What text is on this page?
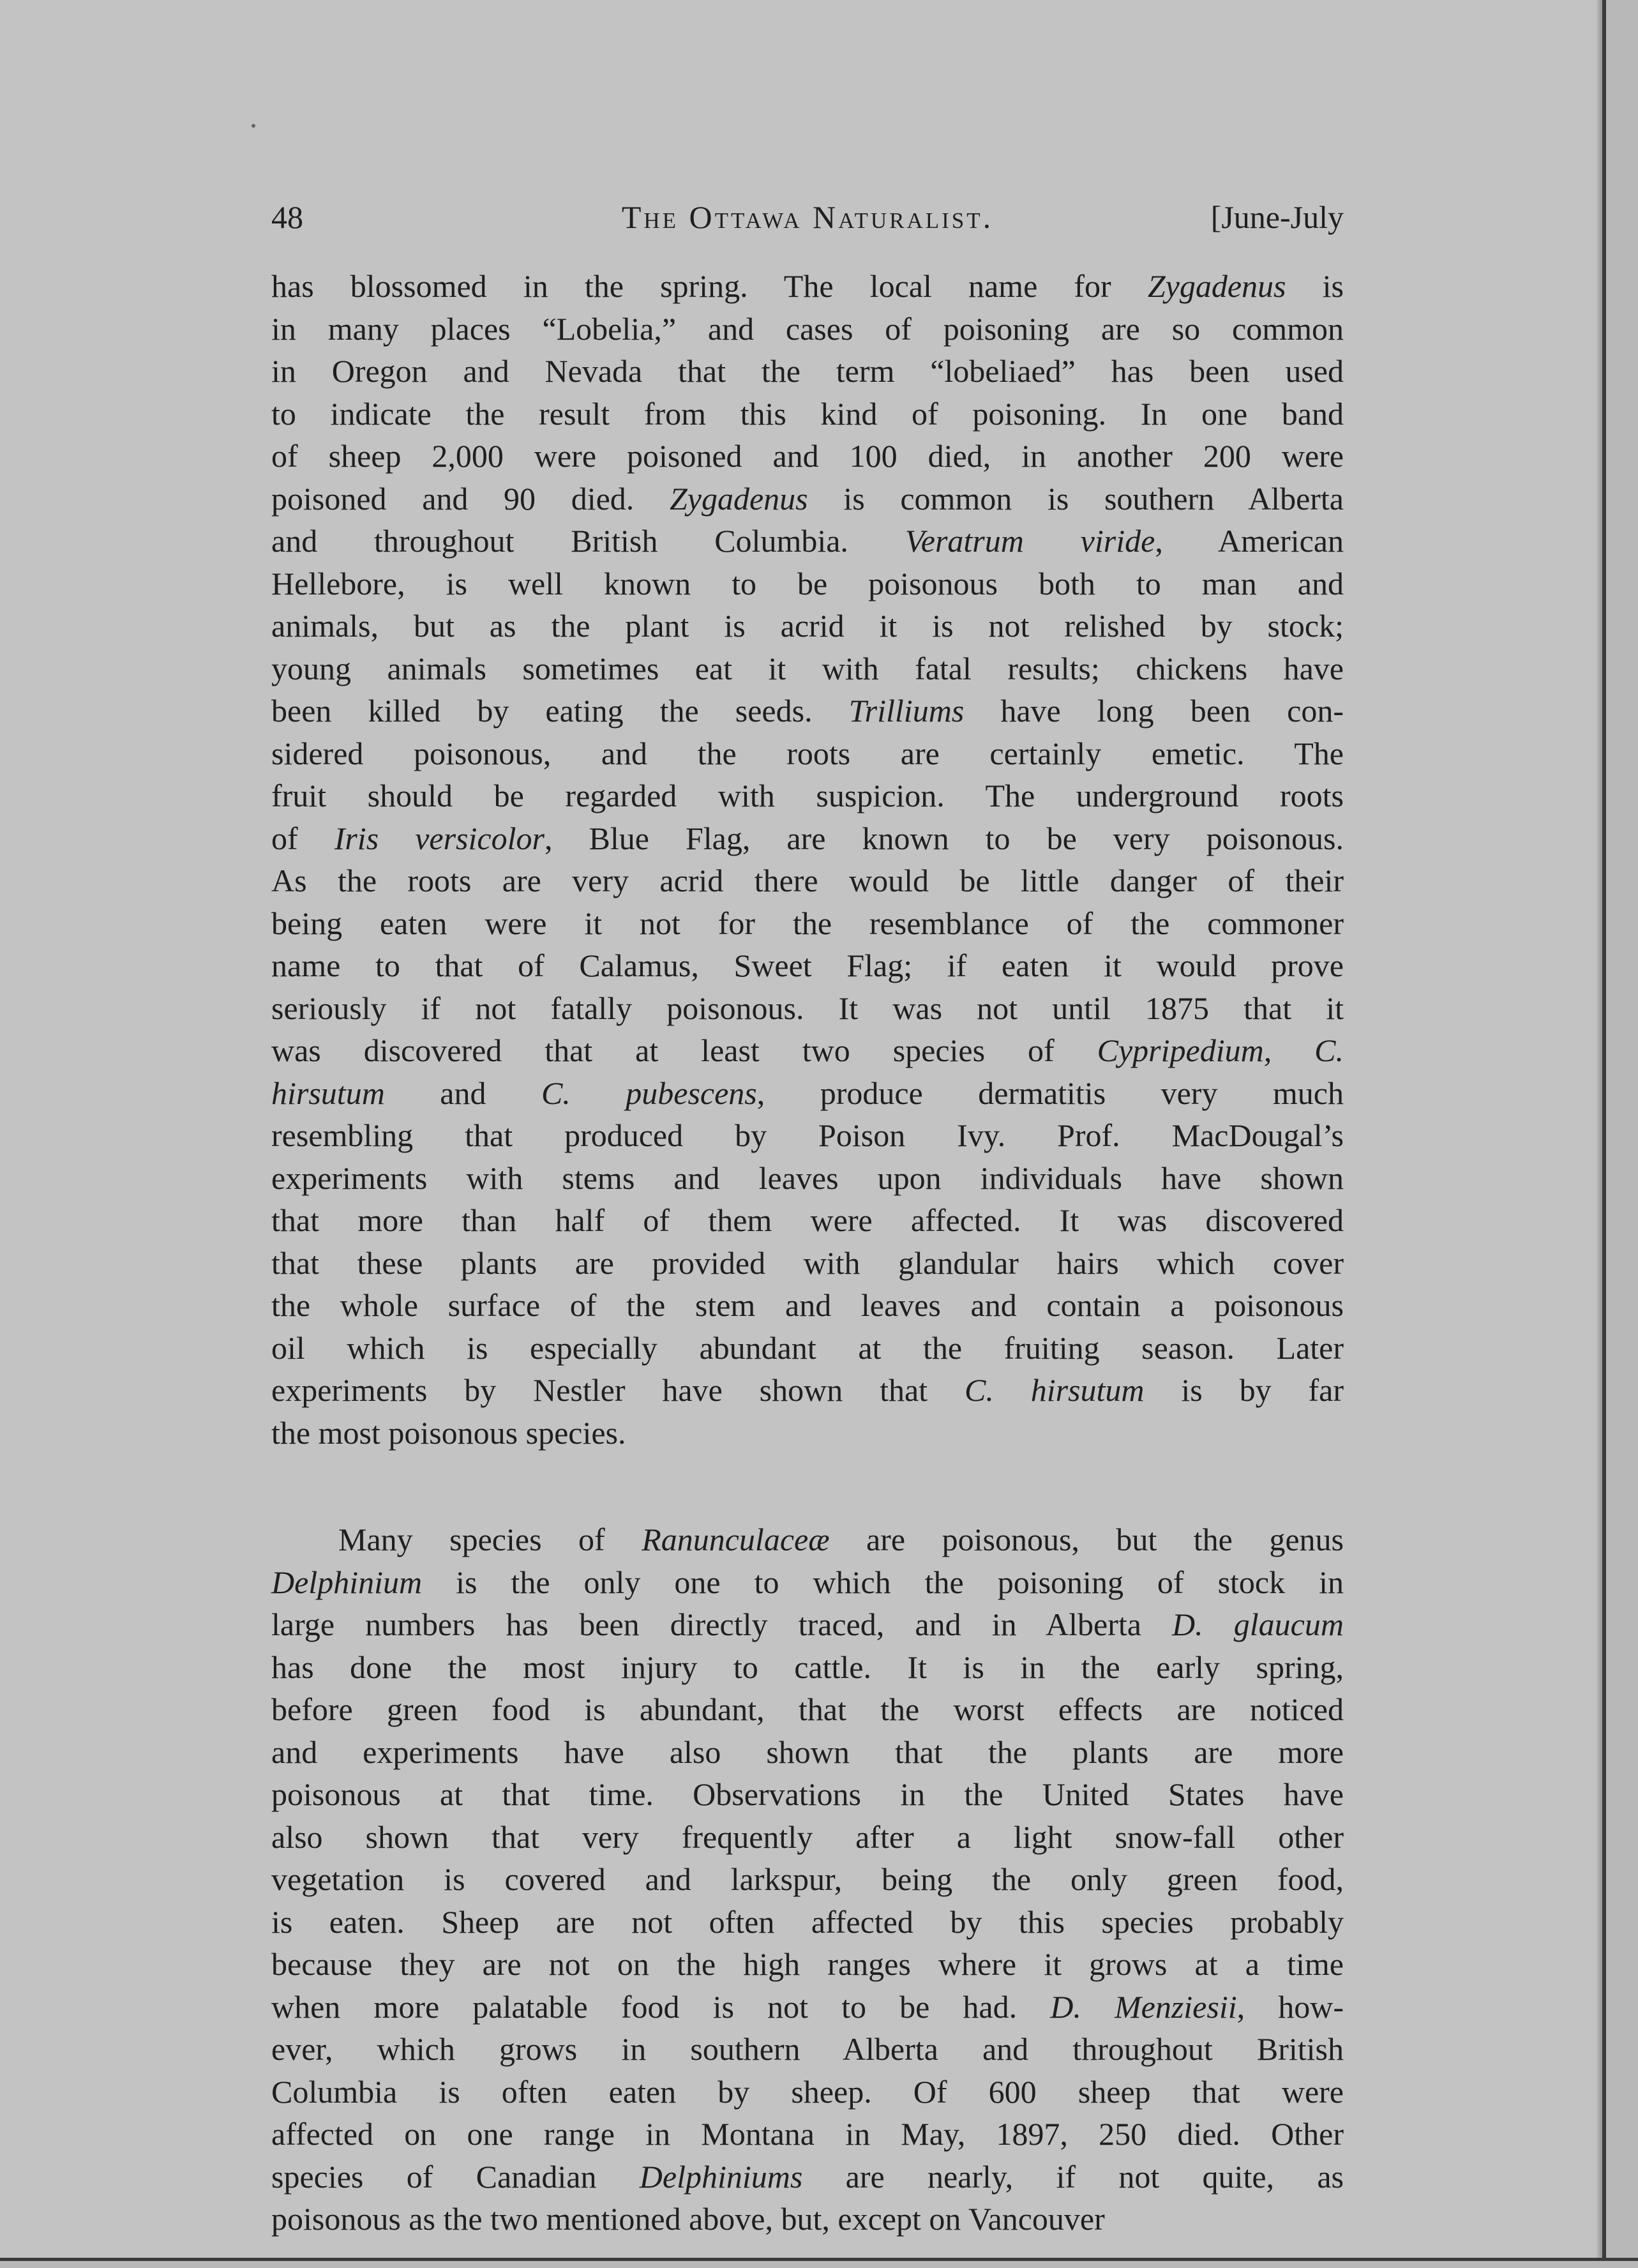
48	The Ottawa Naturalist.	[June-July
has blossomed in the spring. The local name for Zygadenus is
in many places “Lobelia,” and cases of poisoning are so common
in Oregon and Nevada that the term “lobeliaed” has been used
to indicate the result from this kind of poisoning. In one band
of sheep 2,000 were poisoned and 100 died, in another 200 were
poisoned and 90 died. Zygadenus is common is southern Alberta
and throughout British Columbia. Veratrum viride, American
Hellebore, is well known to be poisonous both to man and
animals, but as the plant is acrid it is not relished by stock;
young animals sometimes eat it with fatal results; chickens have
been killed by eating the seeds. Trilliums have long been con-
sidered poisonous, and the roots are certainly emetic. The
fruit should be regarded with suspicion. The underground roots
of Iris versicolor, Blue Flag, are known to be very poisonous.
As the roots are very acrid there would be little danger of their
being eaten were it not for the resemblance of the commoner
name to that of Calamus, Sweet Flag; if eaten it would prove
seriously if not fatally poisonous. It was not until 1875 that it
was discovered that at least two species of Cypripedium, C.
hirsutum and C. pubescens, produce dermatitis very much
resembling that produced by Poison Ivy. Prof. MacDougal’s
experiments with stems and leaves upon individuals have shown
that more than half of them were affected. It was discovered
that these plants are provided with glandular hairs which cover
the whole surface of the stem and leaves and contain a poisonous
oil which is especially abundant at the fruiting season. Later
experiments by Nestler have shown that C. hirsutum is by far
the most poisonous species.
Many species of Ranunculaceæ are poisonous, but the genus
Delphinium is the only one to which the poisoning of stock in
large numbers has been directly traced, and in Alberta D. glaucum
has done the most injury to cattle. It is in the early spring,
before green food is abundant, that the worst effects are noticed
and experiments have also shown that the plants are more
poisonous at that time. Observations in the United States have
also shown that very frequently after a light snow-fall other
vegetation is covered and larkspur, being the only green food,
is eaten. Sheep are not often affected by this species probably
because they are not on the high ranges where it grows at a time
when more palatable food is not to be had. D. Menziesii, how-
ever, which grows in southern Alberta and throughout British
Columbia is often eaten by sheep. Of 600 sheep that were
affected on one range in Montana in May, 1897, 250 died. Other
species of Canadian Delphiniums are nearly, if not quite, as
poisonous as the two mentioned above, but, except on Vancouver
